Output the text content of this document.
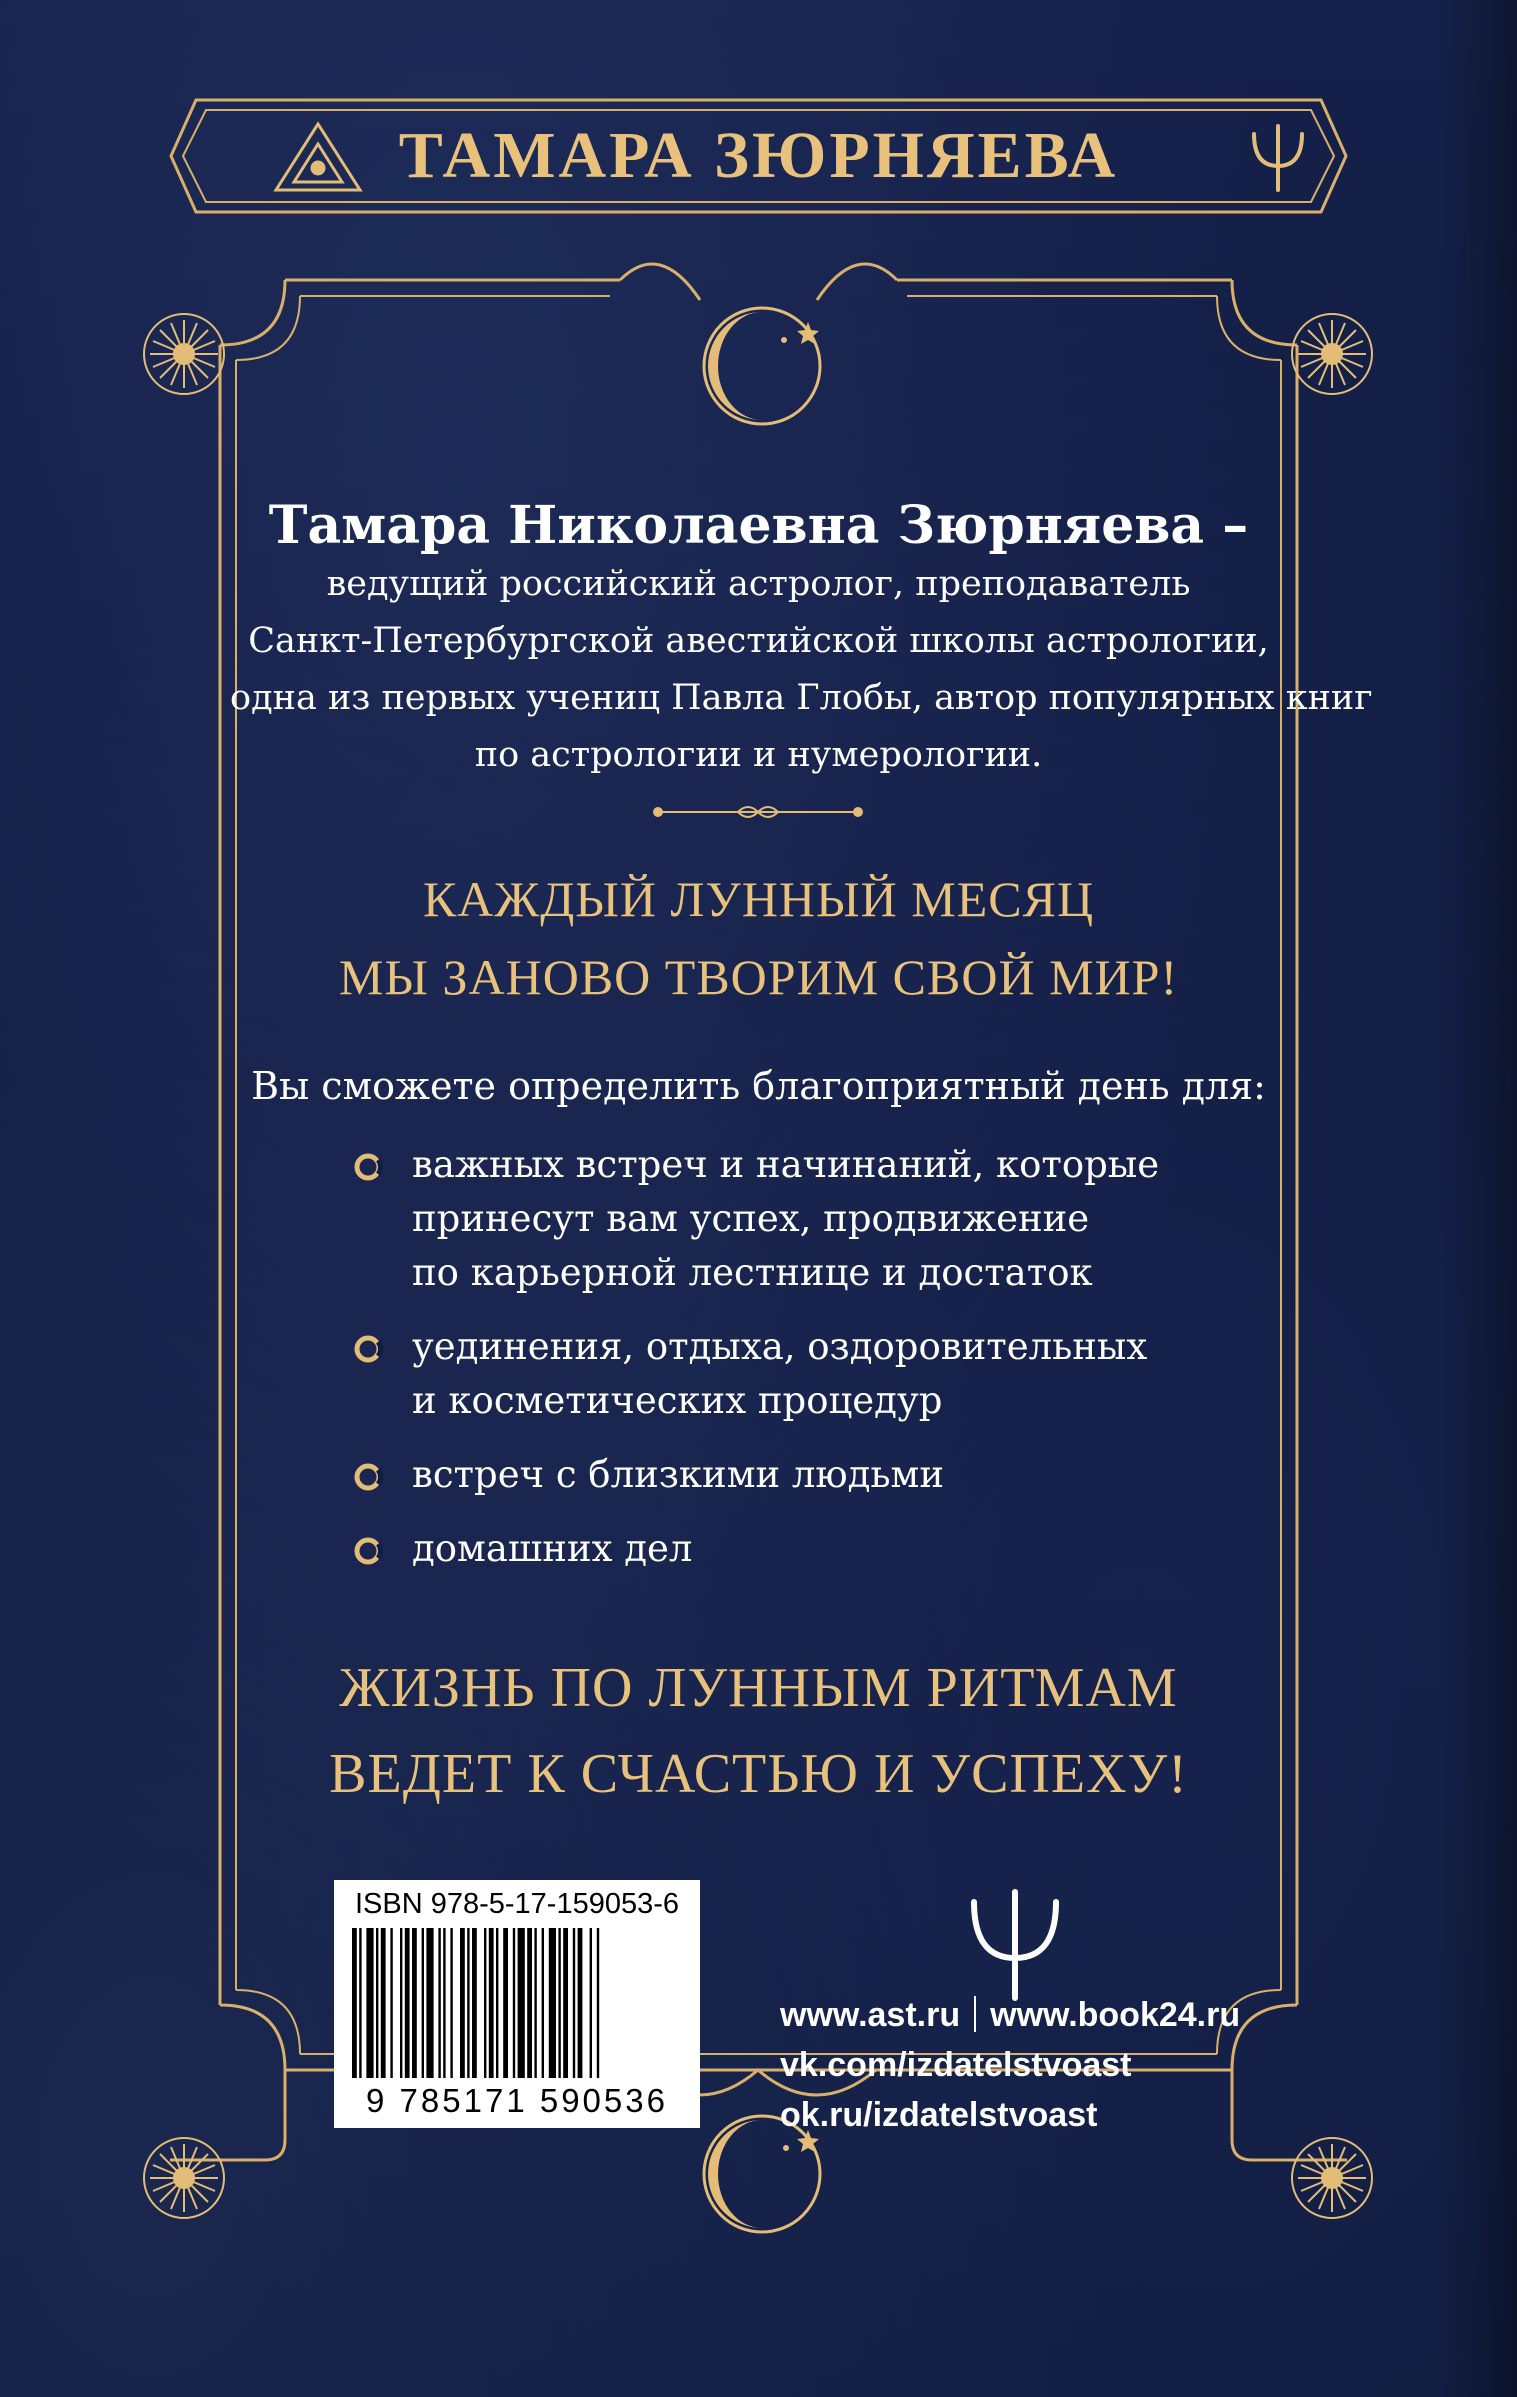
ТАМАРА ЗЮРНЯЕВА
Тамара Николаевна Зюрняева –
ведущий российский астролог, преподаватель
Санкт-Петербургской авестийской школы астрологии,
одна из первых учениц Павла Глобы, автор популярных книг
по астрологии и нумерологии.
КАЖДЫЙ ЛУННЫЙ МЕСЯЦ
МЫ ЗАНОВО ТВОРИМ СВОЙ МИР!
Вы сможете определить благоприятный день для:
важных встреч и начинаний, которые
принесут вам успех, продвижение
по карьерной лестнице и достаток
уединения, отдыха, оздоровительных
и косметических процедур
встреч с близкими людьми
домашних дел
ЖИЗНЬ ПО ЛУННЫМ РИТМАМ
ВЕДЕТ К СЧАСТЬЮ И УСПЕХУ!
ISBN 978-5-17-159053-6
9 785171 590536
www.ast.ru www.book24.ru
vk.com/izdatelstvoast
ok.ru/izdatelstvoast
